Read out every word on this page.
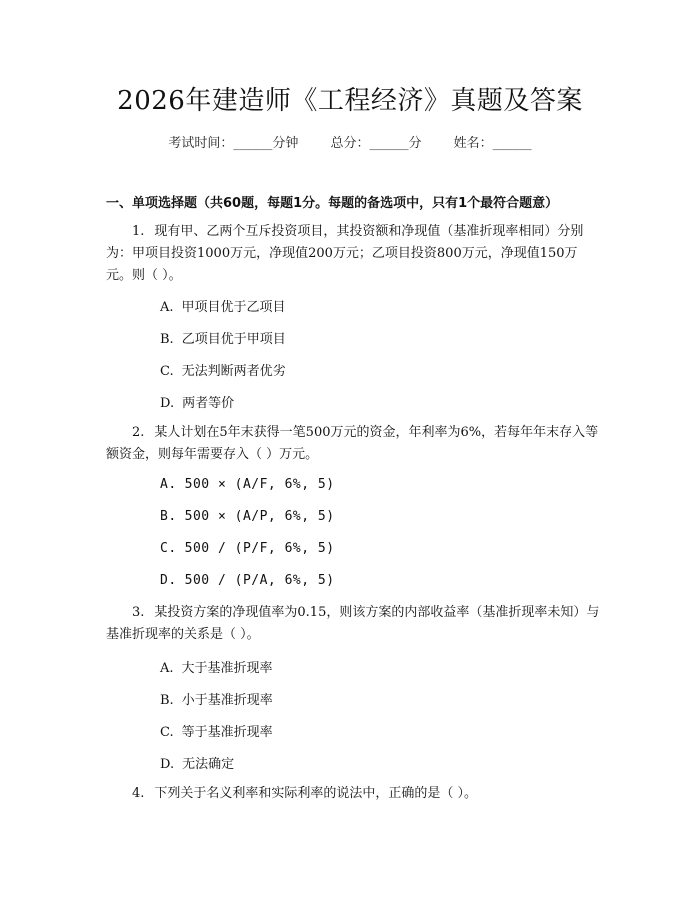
2026年建造师《工程经济》真题及答案
考试时间：______分钟 总分：______分 姓名：______
一、单项选择题（共60题，每题1分。每题的备选项中，只有1个最符合题意）
1. 现有甲、乙两个互斥投资项目，其投资额和净现值（基准折现率相同）分别为：甲项目投资1000万元，净现值200万元；乙项目投资800万元，净现值150万元。则（ ）。
A. 甲项目优于乙项目
B. 乙项目优于甲项目
C. 无法判断两者优劣
D. 两者等价
2. 某人计划在5年末获得一笔500万元的资金，年利率为6%，若每年年末存入等额资金，则每年需要存入（ ）万元。
A. 500 × (A/F, 6%, 5)
B. 500 × (A/P, 6%, 5)
C. 500 / (P/F, 6%, 5)
D. 500 / (P/A, 6%, 5)
3. 某投资方案的净现值率为0.15，则该方案的内部收益率（基准折现率未知）与基准折现率的关系是（ ）。
A. 大于基准折现率
B. 小于基准折现率
C. 等于基准折现率
D. 无法确定
4. 下列关于名义利率和实际利率的说法中，正确的是（ ）。
